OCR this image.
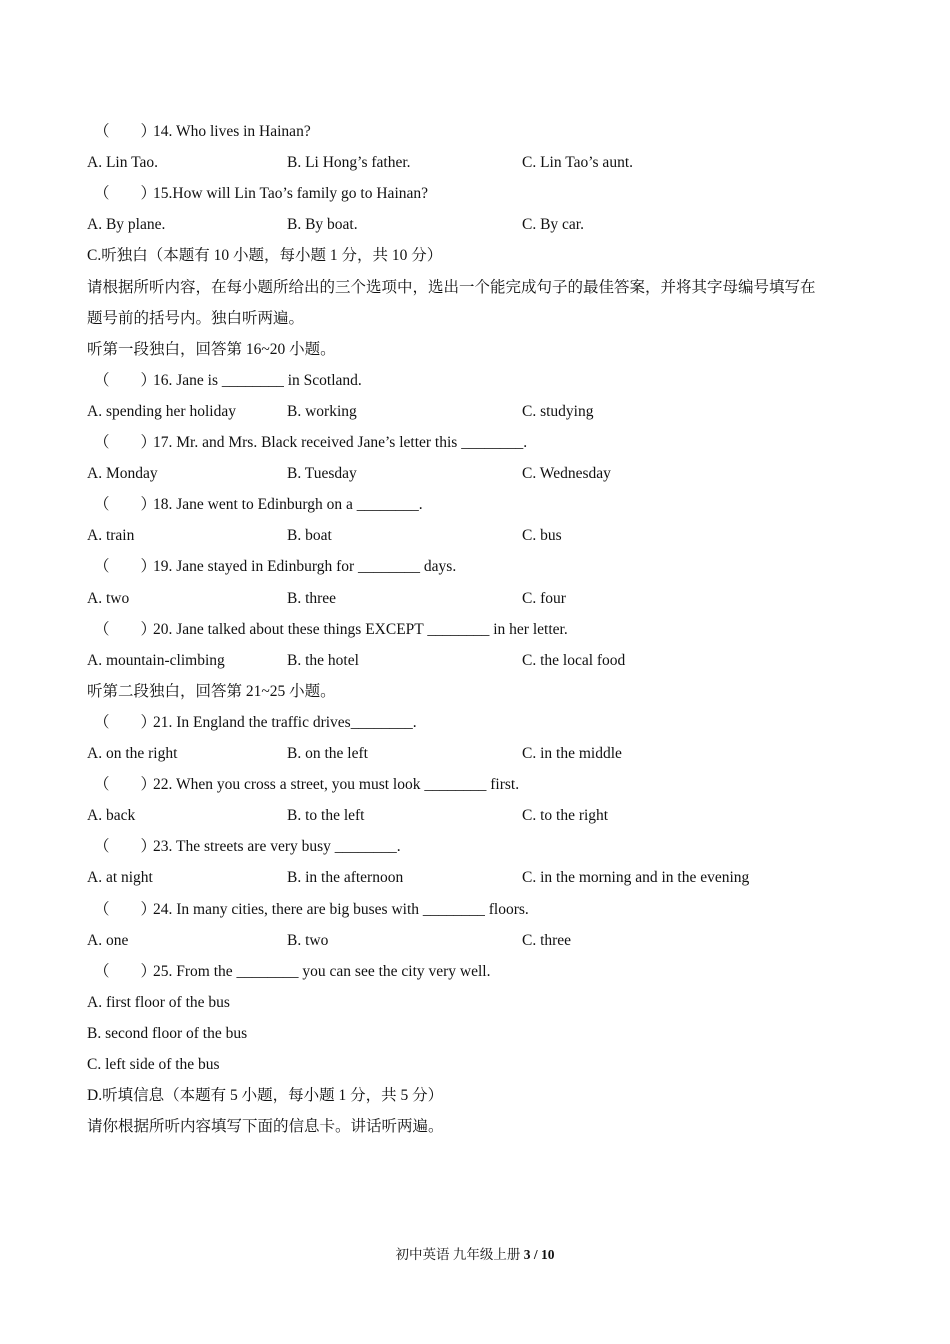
（　　）14. Who lives in Hainan?
A. Lin Tao.	B. Li Hong’s father.	C. Lin Tao’s aunt.
（　　）15.How will Lin Tao’s family go to Hainan?
A. By plane.	B. By boat.	C. By car.
C.听独白（本题有 10 小题，每小题 1 分，共 10 分）
请根据所听内容，在每小题所给出的三个选项中，选出一个能完成句子的最佳答案，并将其字母编号填写在
题号前的括号内。独白听两遍。
听第一段独白，回答第 16~20 小题。
（　　）16. Jane is ________ in Scotland.
A. spending her holiday	B. working	C. studying
（　　）17. Mr. and Mrs. Black received Jane’s letter this ________.
A. Monday	B. Tuesday	C. Wednesday
（　　）18. Jane went to Edinburgh on a ________.
A. train	B. boat	C. bus
（　　）19. Jane stayed in Edinburgh for ________ days.
A. two	B. three	C. four
（　　）20. Jane talked about these things EXCEPT ________ in her letter.
A. mountain-climbing	B. the hotel	C. the local food
听第二段独白，回答第 21~25 小题。
（　　）21. In England the traffic drives________.
A. on the right	B. on the left	C. in the middle
（　　）22. When you cross a street, you must look ________ first.
A. back	B. to the left	C. to the right
（　　）23. The streets are very busy ________.
A. at night	B. in the afternoon	C. in the morning and in the evening
（　　）24. In many cities, there are big buses with ________ floors.
A. one	B. two	C. three
（　　）25. From the ________ you can see the city very well.
A. first floor of the bus
B. second floor of the bus
C. left side of the bus
D.听填信息（本题有 5 小题，每小题 1 分，共 5 分）
请你根据所听内容填写下面的信息卡。讲话听两遍。
初中英语 九年级上册 3 / 10
